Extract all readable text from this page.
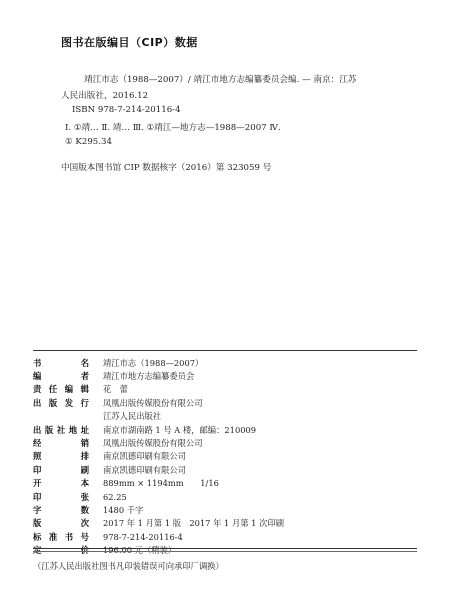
图书在版编目（CIP）数据
靖江市志（1988—2007）/ 靖江市地方志编纂委员会编. — 南京：江苏
人民出版社，2016.12
ISBN 978-7-214-20116-4
Ⅰ. ①靖… Ⅱ. 靖… Ⅲ. ①靖江—地方志—1988—2007 Ⅳ.
① K295.34
中国版本图书馆 CIP 数据核字（2016）第 323059 号
书	名 靖江市志（1988—2007）
编	者 靖江市地方志编纂委员会
责 任 编 辑 花　蕾
出 版 发 行 凤凰出版传媒股份有限公司
江苏人民出版社
出 版 社 地 址 南京市湖南路 1 号 A 楼，邮编：210009
经	销 凤凰出版传媒股份有限公司
照	排 南京凯德印刷有限公司
印	刷 南京凯德印刷有限公司
开	本 889mm × 1194mm　　1/16
印	张 62.25
字	数 1480 千字
版	次 2017 年 1 月第 1 版　2017 年 1 月第 1 次印刷
标 准 书 号 978-7-214-20116-4
定	价 196.00 元（精装）
（江苏人民出版社图书凡印装错误可向承印厂调换）
